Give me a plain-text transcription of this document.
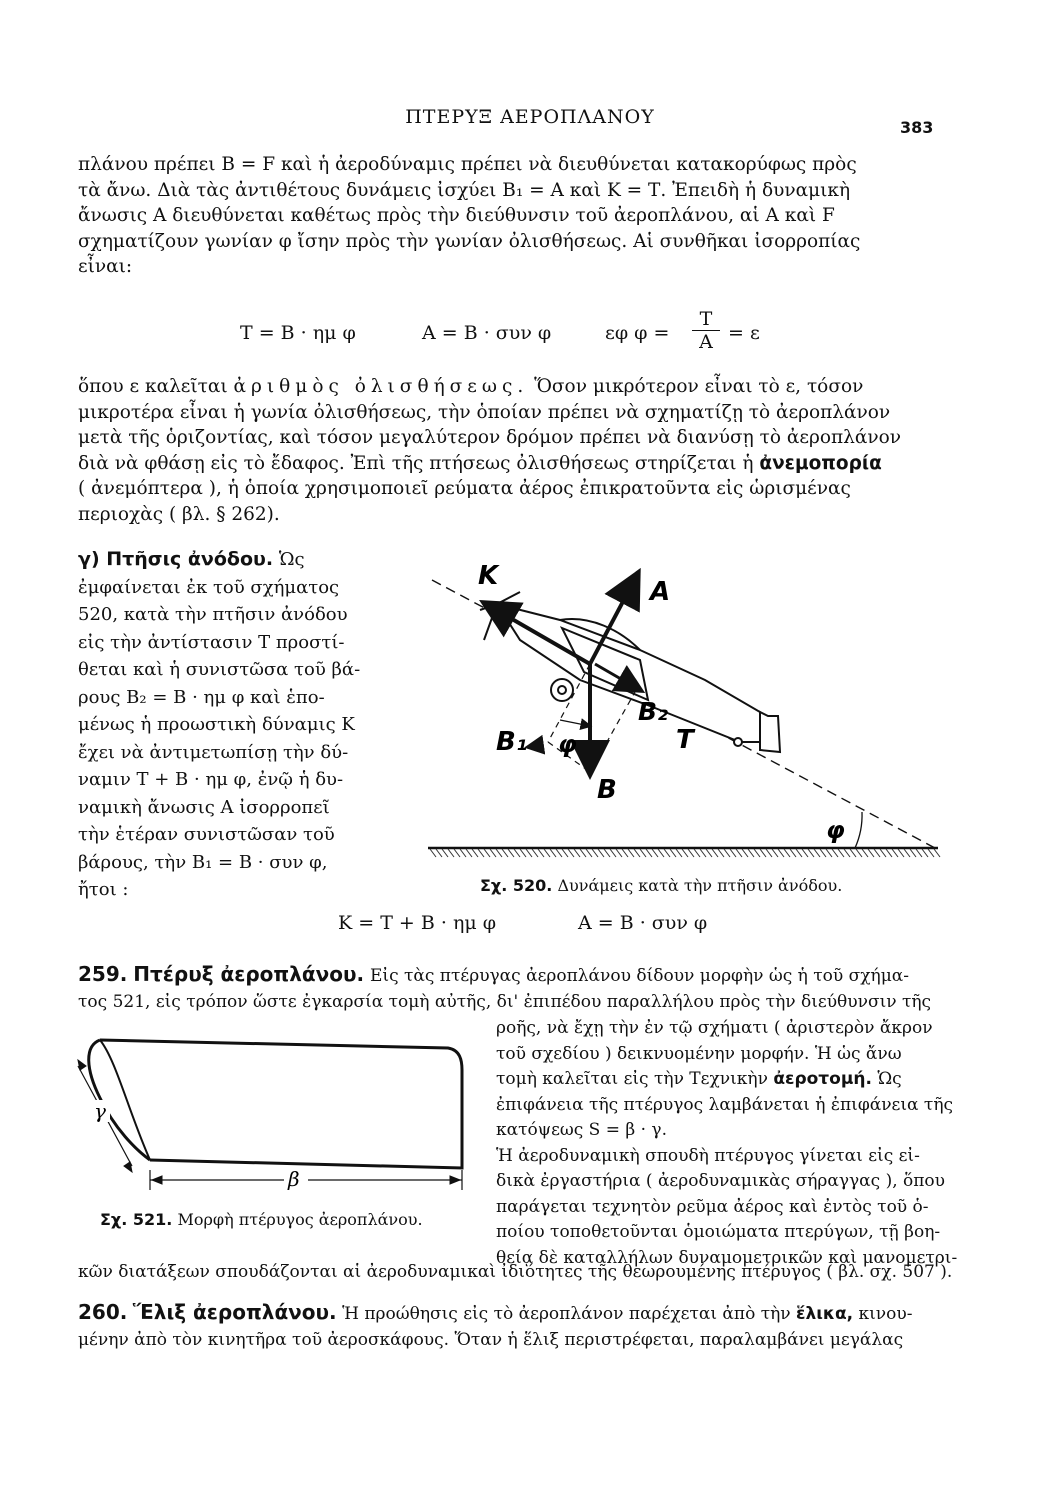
ΠΤΕΡΥΞ ΑΕΡΟΠΛΑΝΟΥ	383
πλάνου πρέπει Β = F καὶ ἡ ἀεροδύναμις πρέπει νὰ διευθύνεται κατακορύφως πρὸς
τὰ ἄνω. Διὰ τὰς ἀντιθέτους δυνάμεις ἰσχύει Β₁ = Α καὶ Κ = Τ. Ἐπειδὴ ἡ δυναμικὴ
ἄνωσις Α διευθύνεται καθέτως πρὸς τὴν διεύθυνσιν τοῦ ἀεροπλάνου, αἱ Α καὶ F
σχηματίζουν γωνίαν φ ἴσην πρὸς τὴν γωνίαν ὀλισθήσεως. Αἱ συνθῆκαι ἰσορροπίας
εἶναι:
Τ = Β · ημ φ	Α = Β · συν φ	εφ $\varphi = \frac{T}{A} = \varepsilon$
ὅπου ε καλεῖται ἀριθμὸς ὀλισθήσεως. Ὅσον μικρότερον εἶναι τὸ ε, τόσον
μικροτέρα εἶναι ἡ γωνία ὀλισθήσεως, τὴν ὁποίαν πρέπει νὰ σχηματίζῃ τὸ ἀεροπλάνον
μετὰ τῆς ὁριζοντίας, καὶ τόσον μεγαλύτερον δρόμον πρέπει νὰ διανύσῃ τὸ ἀεροπλάνον
διὰ νὰ φθάσῃ εἰς τὸ ἔδαφος. Ἐπὶ τῆς πτήσεως ὀλισθήσεως στηρίζεται ἡ ἀνεμοπορία
( ἀνεμόπτερα ), ἡ ὁποία χρησιμοποιεῖ ρεύματα ἀέρος ἐπικρατοῦντα εἰς ὡρισμένας
περιοχὰς ( βλ. § 262).
γ) Πτῆσις ἀνόδου. Ὡς
ἐμφαίνεται ἐκ τοῦ σχήματος
520, κατὰ τὴν πτῆσιν ἀνόδου
εἰς τὴν ἀντίστασιν Τ προστί-
θεται καὶ ἡ συνιστῶσα τοῦ βά-
ρους Β₂ = Β · ημ φ καὶ ἑπο-
μένως ἡ προωστικὴ δύναμις Κ
ἔχει νὰ ἀντιμετωπίσῃ τὴν δύ-
ναμιν Τ + Β · ημ φ, ἐνῷ ἡ δυ-
ναμικὴ ἄνωσις Α ἰσορροπεῖ
τὴν ἑτέραν συνιστῶσαν τοῦ
βάρους, τὴν Β₁ = Β · συν φ,
ἤτοι :
K
A
B
B₁
B₂
T
φ
φ
Σχ. 520. Δυνάμεις κατὰ τὴν πτῆσιν ἀνόδου.
Κ = Τ + Β · ημ φ	Α = Β · συν φ
259. Πτέρυξ ἀεροπλάνου. Εἰς τὰς πτέρυγας ἀεροπλάνου δίδουν μορφὴν ὡς ἡ τοῦ σχήμα-
τος 521, εἰς τρόπον ὥστε ἐγκαρσία τομὴ αὐτῆς, δι' ἐπιπέδου παραλλήλου πρὸς τὴν διεύθυνσιν τῆς
ροῆς, νὰ ἔχῃ τὴν ἐν τῷ σχήματι ( ἀριστερὸν ἄκρον
τοῦ σχεδίου ) δεικνυομένην μορφήν. Ἡ ὡς ἄνω
τομὴ καλεῖται εἰς τὴν Τεχνικὴν ἀεροτομή. Ὡς
ἐπιφάνεια τῆς πτέρυγος λαμβάνεται ἡ ἐπιφάνεια τῆς
κατόψεως S = β · γ.
Ἡ ἀεροδυναμικὴ σπουδὴ πτέρυγος γίνεται εἰς εἰ-
δικὰ ἐργαστήρια ( ἀεροδυναμικὰς σήραγγας ), ὅπου
παράγεται τεχνητὸν ρεῦμα ἀέρος καὶ ἐντὸς τοῦ ὁ-
ποίου τοποθετοῦνται ὁμοιώματα πτερύγων, τῇ βοη-
θείᾳ δὲ καταλλήλων δυναμομετρικῶν καὶ μανομετρι-
γ
β
Σχ. 521. Μορφὴ πτέρυγος ἀεροπλάνου.
κῶν διατάξεων σπουδάζονται αἱ ἀεροδυναμικαὶ ἰδιότητες τῆς θεωρουμένης πτέρυγος ( βλ. σχ. 507 ).
260. Ἕλιξ ἀεροπλάνου. Ἡ προώθησις εἰς τὸ ἀεροπλάνον παρέχεται ἀπὸ τὴν ἕλικα, κινου-
μένην ἀπὸ τὸν κινητῆρα τοῦ ἀεροσκάφους. Ὅταν ἡ ἕλιξ περιστρέφεται, παραλαμβάνει μεγάλας
